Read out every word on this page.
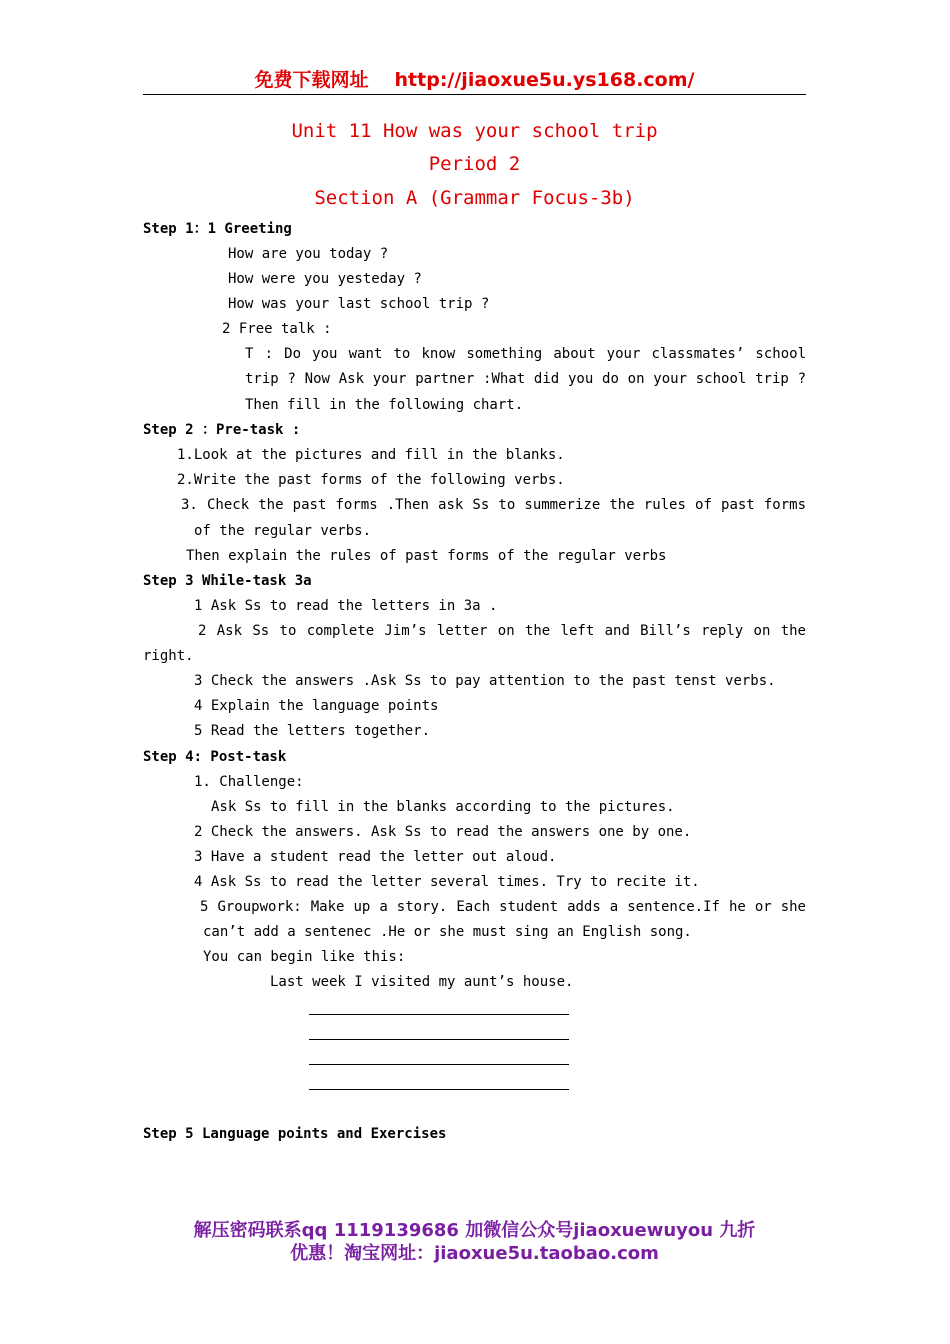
免费下载网址 http://jiaoxue5u.ys168.com/
Unit 11 How was your school trip
Period 2
Section A (Grammar Focus-3b)
Step 1：1 Greeting
How are you today ?
How were you yesteday ?
How was your last school trip ?
2 Free talk :
T : Do you want to know something about your classmates’ school
trip ? Now Ask your partner :What did you do on your school trip ?
Then fill in the following chart.
Step 2 ：Pre-task :
1.Look at the pictures and fill in the blanks.
2.Write the past forms of the following verbs.
3. Check the past forms .Then ask Ss to summerize the rules of past forms
of the regular verbs.
Then explain the rules of past forms of the regular verbs
Step 3 While-task 3a
1 Ask Ss to read the letters in 3a .
2 Ask Ss to complete Jim’s letter on the left and Bill’s reply on the
right.
3 Check the answers .Ask Ss to pay attention to the past tenst verbs.
4 Explain the language points
5 Read the letters together.
Step 4: Post-task
1. Challenge:
Ask Ss to fill in the blanks according to the pictures.
2 Check the answers. Ask Ss to read the answers one by one.
3 Have a student read the letter out aloud.
4 Ask Ss to read the letter several times. Try to recite it.
5 Groupwork: Make up a story. Each student adds a sentence.If he or she
can’t add a sentenec .He or she must sing an English song.
You can begin like this:
Last week I visited my aunt’s house.
Step 5 Language points and Exercises
解压密码联系qq 1119139686 加微信公众号jiaoxuewuyou 九折
优惠！淘宝网址：jiaoxue5u.taobao.com
